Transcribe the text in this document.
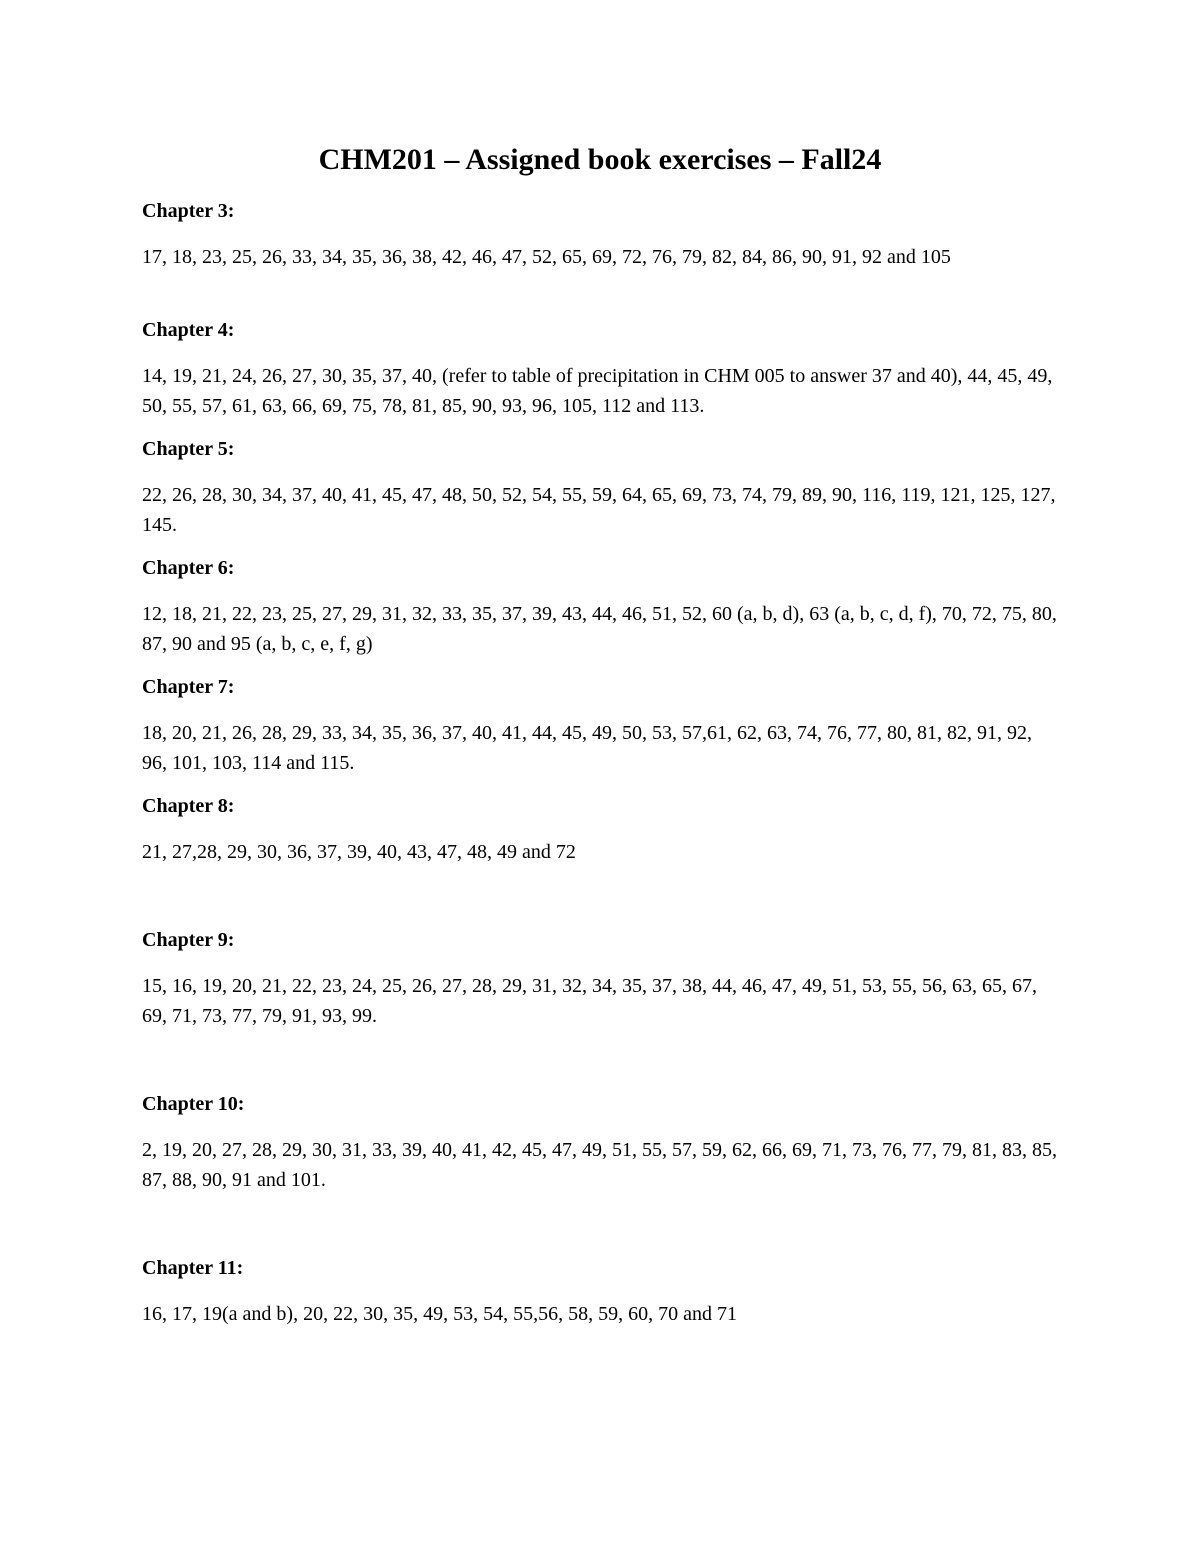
CHM201 – Assigned book exercises – Fall24

Chapter 3:

17, 18, 23, 25, 26, 33, 34, 35, 36, 38, 42, 46, 47, 52, 65, 69, 72, 76, 79, 82, 84, 86, 90, 91, 92 and 105

Chapter 4:

14, 19, 21, 24, 26, 27, 30, 35, 37, 40, (refer to table of precipitation in CHM 005 to answer 37 and 40), 44, 45, 49, 50, 55, 57, 61, 63, 66, 69, 75, 78, 81, 85, 90, 93, 96, 105, 112 and 113.

Chapter 5:

22, 26, 28, 30, 34, 37, 40, 41, 45, 47, 48, 50, 52, 54, 55, 59, 64, 65, 69, 73, 74, 79, 89, 90, 116, 119, 121, 125, 127, 145.

Chapter 6:

12, 18, 21, 22, 23, 25, 27, 29, 31, 32, 33, 35, 37, 39, 43, 44, 46, 51, 52, 60 (a, b, d), 63 (a, b, c, d, f), 70, 72, 75, 80, 87, 90 and 95 (a, b, c, e, f, g)

Chapter 7:

18, 20, 21, 26, 28, 29, 33, 34, 35, 36, 37, 40, 41, 44, 45, 49, 50, 53, 57,61, 62, 63, 74, 76, 77, 80, 81, 82, 91, 92, 96, 101, 103, 114 and 115.

Chapter 8:

21, 27,28, 29, 30, 36, 37, 39, 40, 43, 47, 48, 49 and 72

Chapter 9:

15, 16, 19, 20, 21, 22, 23, 24, 25, 26, 27, 28, 29, 31, 32, 34, 35, 37, 38, 44, 46, 47, 49, 51, 53, 55, 56, 63, 65, 67, 69, 71, 73, 77, 79, 91, 93, 99.

Chapter 10:

2, 19, 20, 27, 28, 29, 30, 31, 33, 39, 40, 41, 42, 45, 47, 49, 51, 55, 57, 59, 62, 66, 69, 71, 73, 76, 77, 79, 81, 83, 85, 87, 88, 90, 91 and 101.

Chapter 11:

16, 17, 19(a and b), 20, 22, 30, 35, 49, 53, 54, 55,56, 58, 59, 60, 70 and 71
